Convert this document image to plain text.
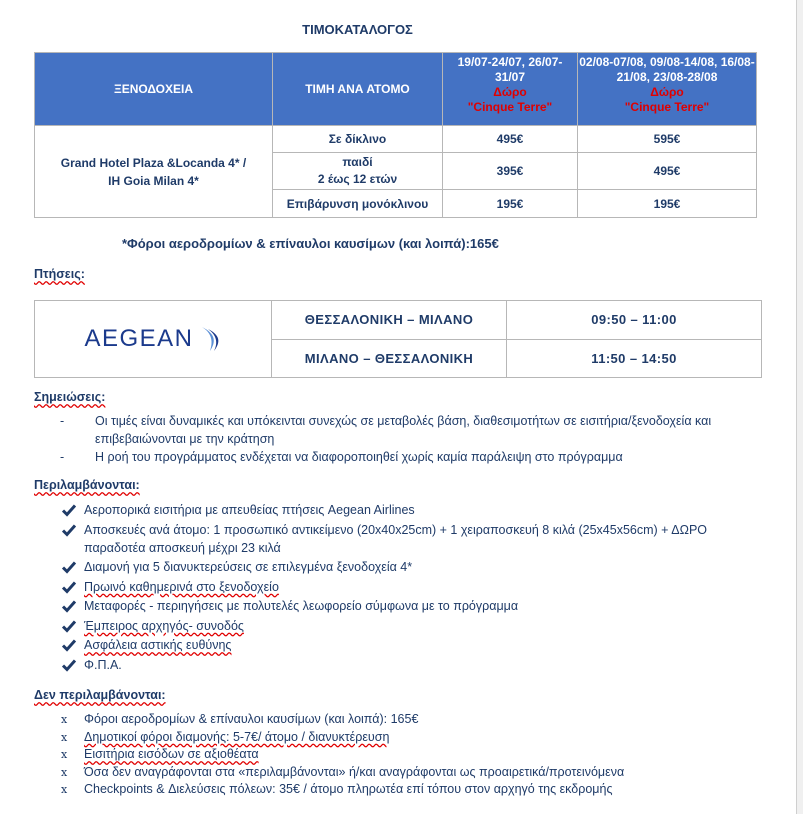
ΤΙΜΟΚΑΤΑΛΟΓΟΣ
ΞΕΝΟΔΟΧΕΙΑ	ΤΙΜΗ ΑΝΑ ΑΤΟΜΟ	19/07-24/07, 26/07-31/07
Δώρο
"Cinque Terre"	02/08-07/08, 09/08-14/08, 16/08-21/08, 23/08-28/08
Δώρο
"Cinque Terre"

Grand Hotel Plaza &Locanda 4* /
IH Goia Milan 4*	Σε δίκλινο	495€	595€

	παιδί
2 έως 12 ετών	395€	495€
	Επιβάρυνση μονόκλινου	195€	195€
*Φόροι αεροδρομίων & επίναυλοι καυσίμων (και λοιπά):165€
Πτήσεις:
AEGEAN	ΘΕΣΣΑΛΟΝΙΚΗ – ΜΙΛΑΝΟ	09:50 – 11:00
	ΜΙΛΑΝΟ – ΘΕΣΣΑΛΟΝΙΚΗ	11:50 – 14:50
Σημειώσεις:
- Οι τιμές είναι δυναμικές και υπόκεινται συνεχώς σε μεταβολές βάση, διαθεσιμοτήτων σε εισιτήρια/ξενοδοχεία και επιβεβαιώνονται με την κράτηση
- Η ροή του προγράμματος ενδέχεται να διαφοροποιηθεί χωρίς καμία παράλειψη στο πρόγραμμα
Περιλαμβάνονται:
Αεροπορικά εισιτήρια με απευθείας πτήσεις Aegean Airlines
Αποσκευές ανά άτομο: 1 προσωπικό αντικείμενο (20x40x25cm) + 1 χειραποσκευή 8 κιλά (25x45x56cm) + ΔΩΡΟ παραδοτέα αποσκευή μέχρι 23 κιλά
Διαμονή για 5 διανυκτερεύσεις σε επιλεγμένα ξενοδοχεία 4*
Πρωινό καθημερινά στο ξενοδοχείο
Μεταφορές - περιηγήσεις με πολυτελές λεωφορείο σύμφωνα με το πρόγραμμα
Έμπειρος αρχηγός- συνοδός
Ασφάλεια αστικής ευθύνης
Φ.Π.Α.
Δεν περιλαμβάνονται:
x Φόροι αεροδρομίων & επίναυλοι καυσίμων (και λοιπά): 165€
x Δημοτικοί φόροι διαμονής: 5-7€/ άτομο / διανυκτέρευση
x Εισιτήρια εισόδων σε αξιοθέατα
x Όσα δεν αναγράφονται στα «περιλαμβάνονται» ή/και αναγράφονται ως προαιρετικά/προτεινόμενα
x Checkpoints & Διελεύσεις πόλεων: 35€ / άτομο πληρωτέα επί τόπου στον αρχηγό της εκδρομής
